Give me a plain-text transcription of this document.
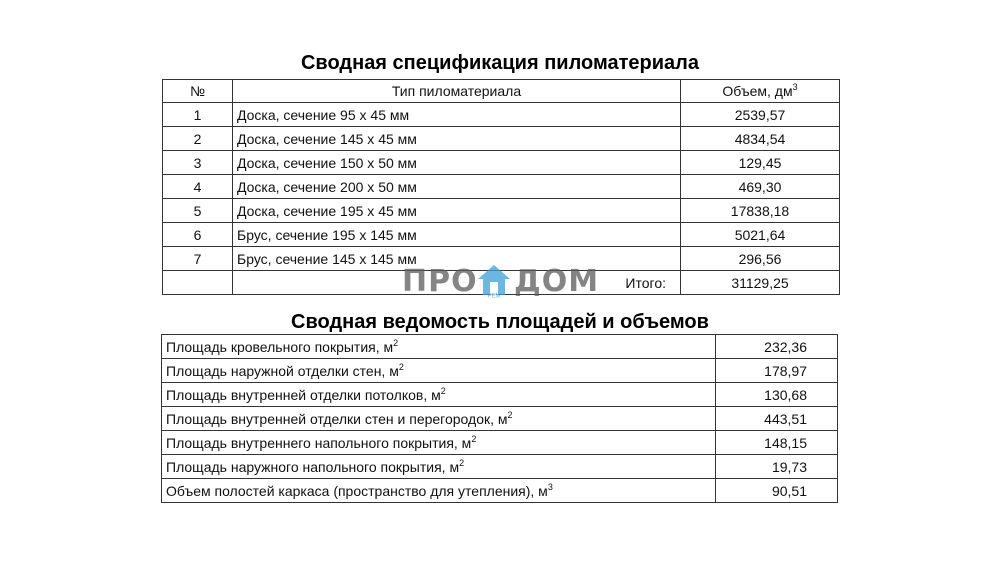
Сводная спецификация пиломатериала
№	Тип пиломатериала	Объем, $дм^3$
1	Доска, сечение 95 х 45 мм	2539,57
2	Доска, сечение 145 х 45 мм	4834,54
3	Доска, сечение 150 х 50 мм	129,45
4	Доска, сечение 200 х 50 мм	469,30
5	Доска, сечение 195 х 45 мм	17838,18
6	Брус, сечение 195 х 145 мм	5021,64
7	Брус, сечение 145 х 145 мм	296,56
	Итого:	31129,25
ПРО РЕМ ДОМ
Сводная ведомость площадей и объемов
Площадь кровельного покрытия, $м^2$	232,36
Площадь наружной отделки стен, $м^2$	178,97
Площадь внутренней отделки потолков, $м^2$	130,68
Площадь внутренней отделки стен и перегородок, $м^2$	443,51
Площадь внутреннего напольного покрытия, $м^2$	148,15
Площадь наружного напольного покрытия, $м^2$	19,73
Объем полостей каркаса (пространство для утепления), $м^3$	90,51
